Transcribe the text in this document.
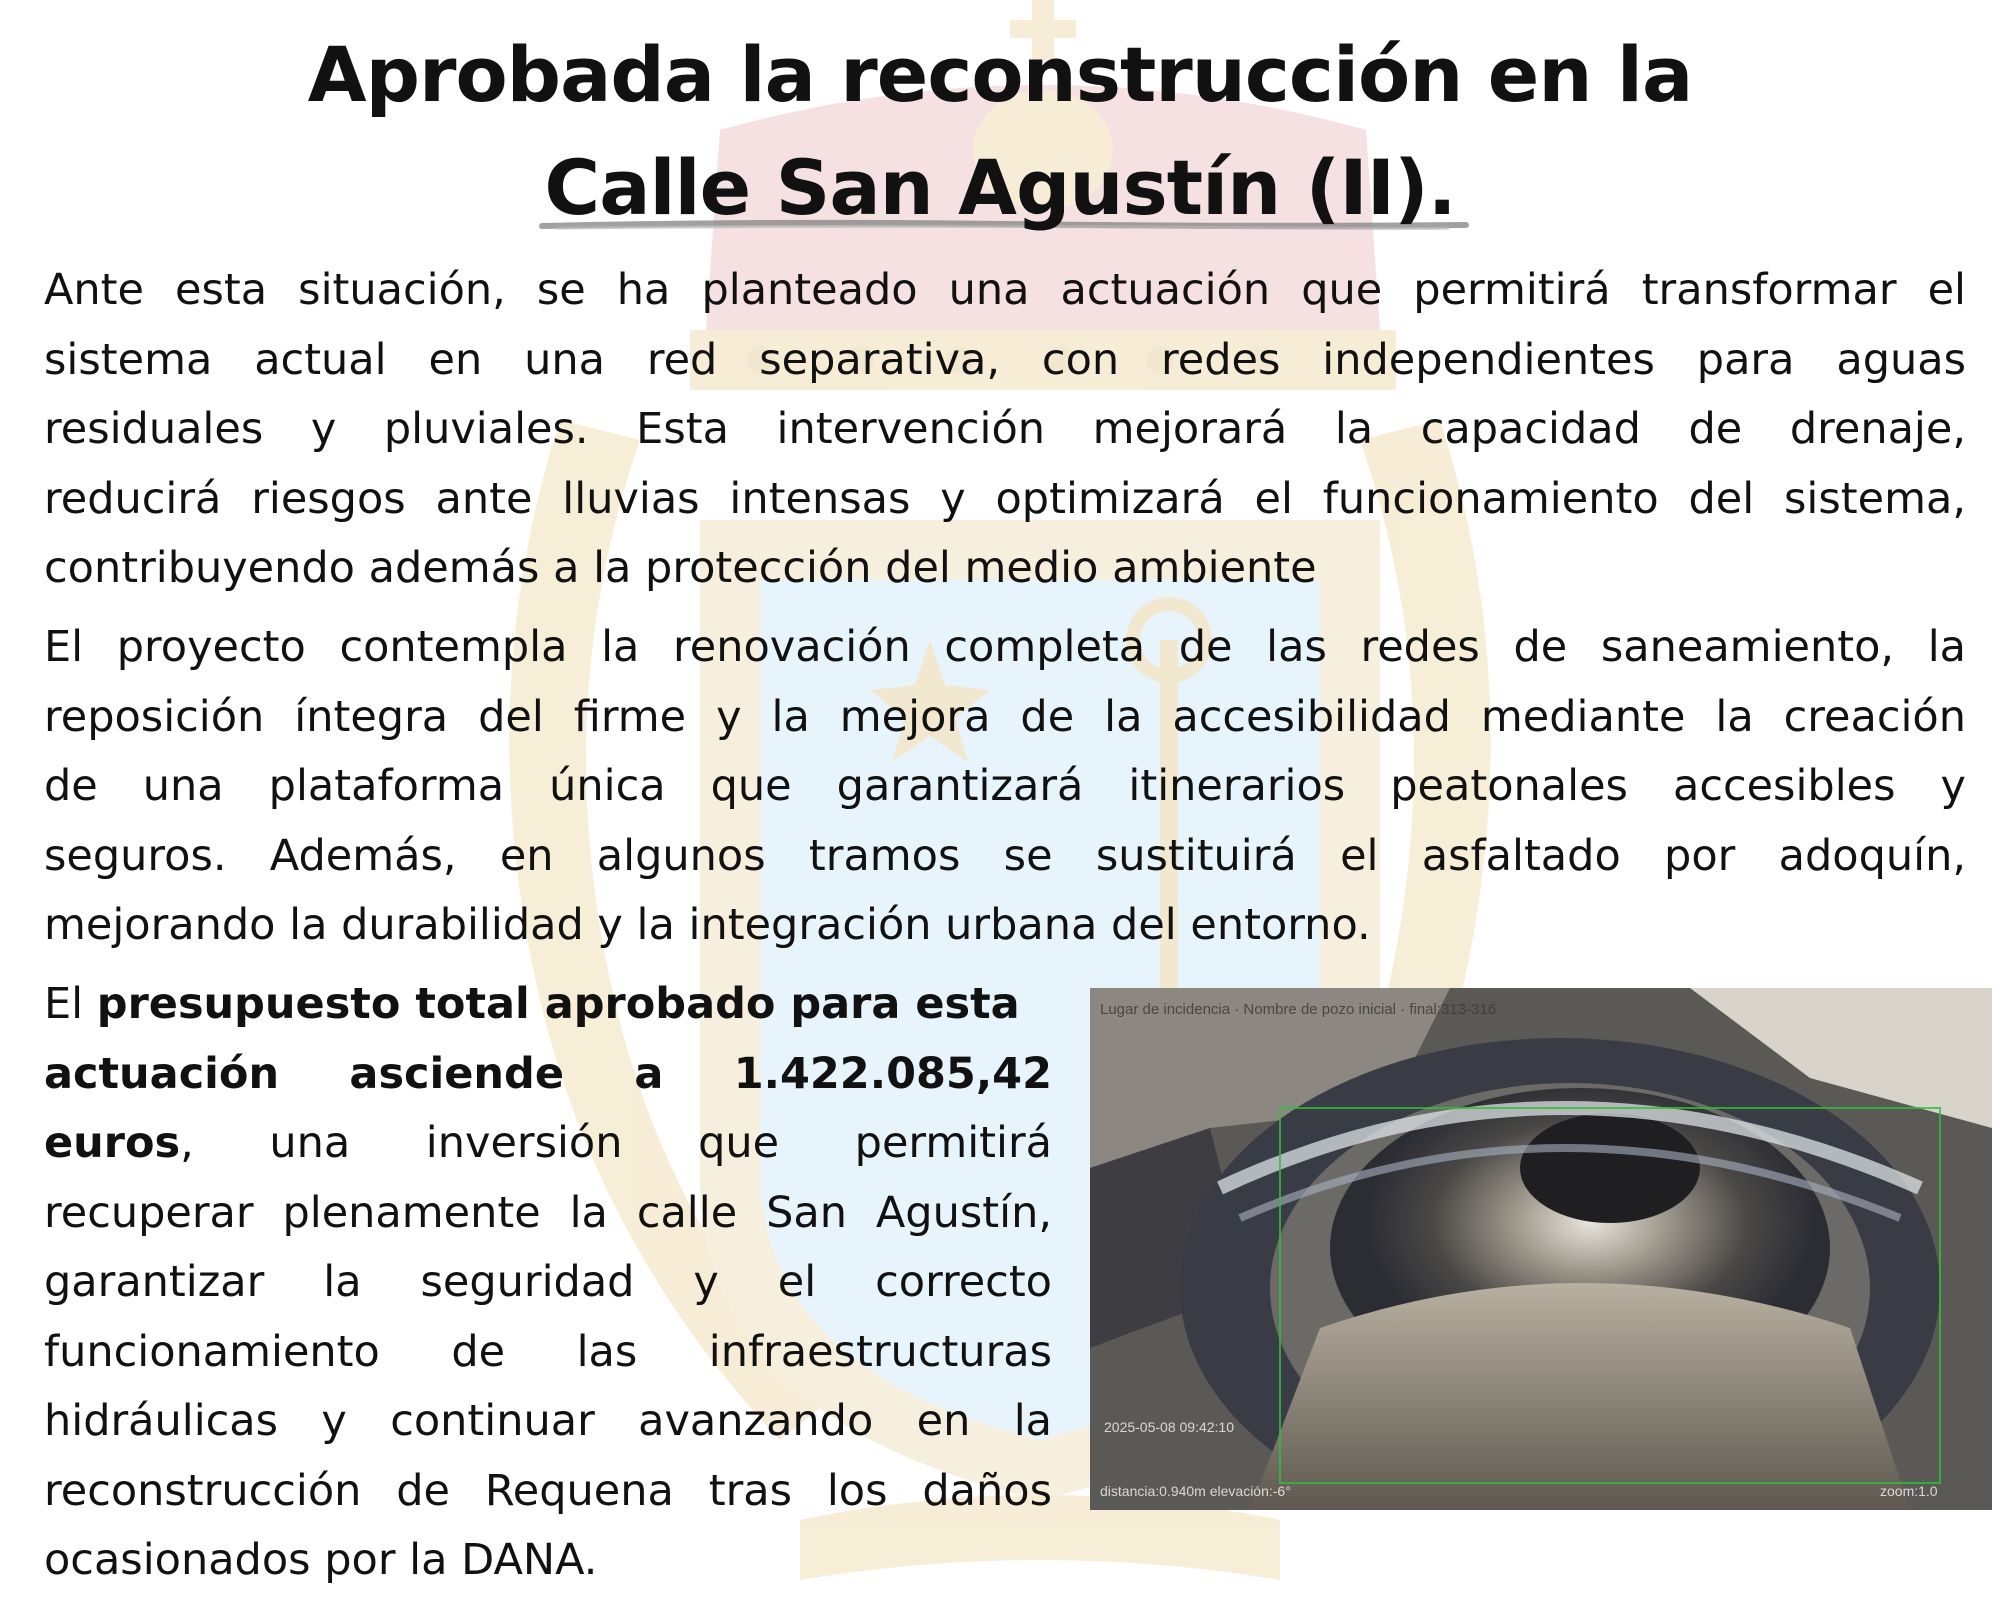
Aprobada la reconstrucción en la
Calle San Agustín (II).

Ante esta situación, se ha planteado una actuación que permitirá transformar el
sistema actual en una red separativa, con redes independientes para aguas
residuales y pluviales. Esta intervención mejorará la capacidad de drenaje,
reducirá riesgos ante lluvias intensas y optimizará el funcionamiento del sistema,
contribuyendo además a la protección del medio ambiente

El proyecto contempla la renovación completa de las redes de saneamiento, la
reposición íntegra del firme y la mejora de la accesibilidad mediante la creación
de una plataforma única que garantizará itinerarios peatonales accesibles y
seguros. Además, en algunos tramos se sustituirá el asfaltado por adoquín,
mejorando la durabilidad y la integración urbana del entorno.

El presupuesto total aprobado para esta
actuación asciende a 1.422.085,42
euros, una inversión que permitirá
recuperar plenamente la calle San Agustín,
garantizar la seguridad y el correcto
funcionamiento de las infraestructuras
hidráulicas y continuar avanzando en la
reconstrucción de Requena tras los daños
ocasionados por la DANA.

Lugar de incidencia · Nombre de pozo inicial · final:313-316
2025-05-08 09:42:10
distancia:0.940m elevación:-6°	zoom:1.0
